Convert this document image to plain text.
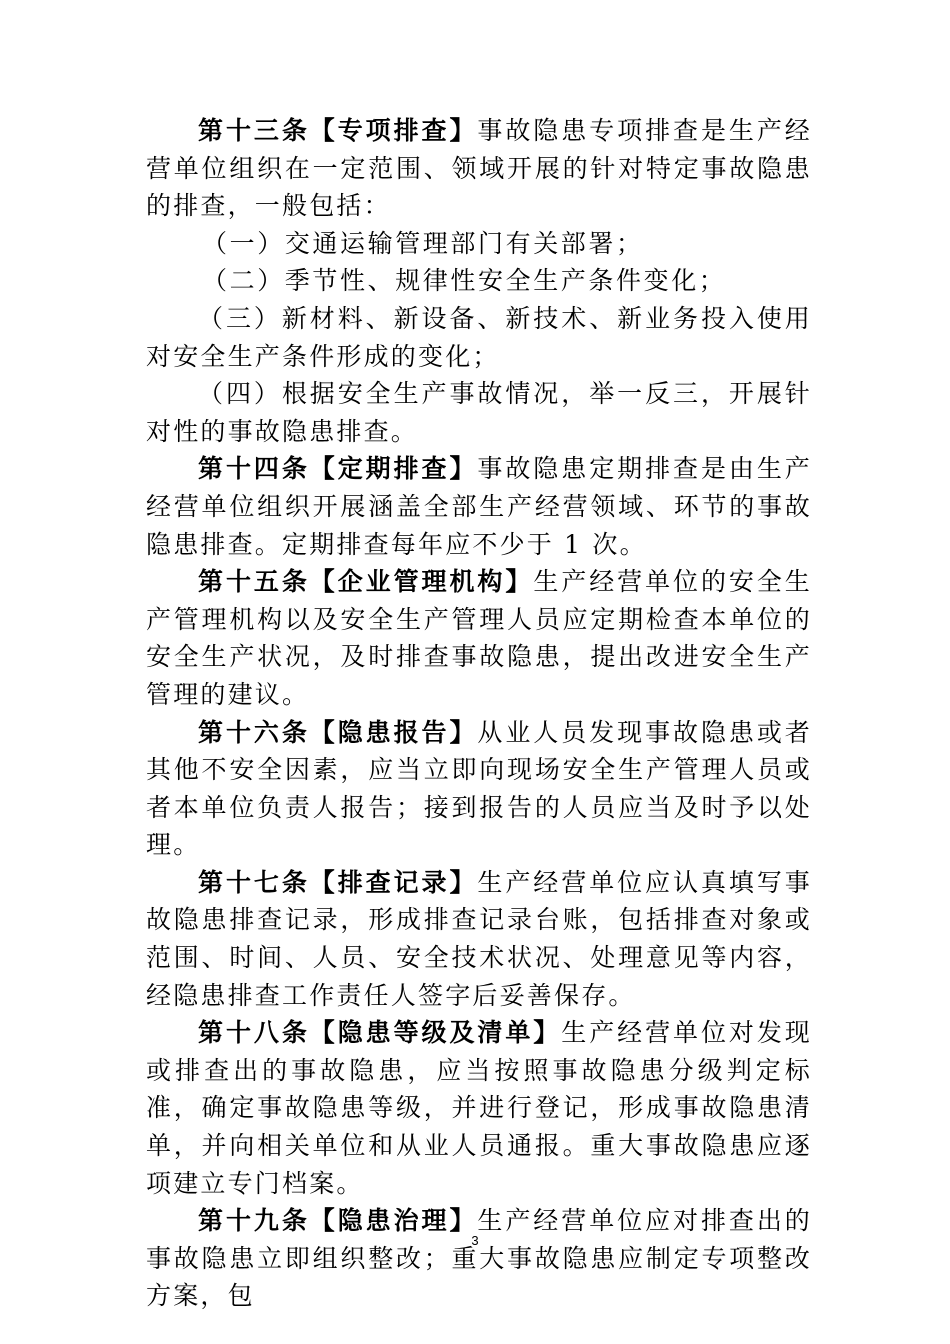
第十三条【专项排查】事故隐患专项排查是生产经营单位组织在一定范围、领域开展的针对特定事故隐患的排查，一般包括：

（一）交通运输管理部门有关部署；

（二）季节性、规律性安全生产条件变化；

（三）新材料、新设备、新技术、新业务投入使用对安全生产条件形成的变化；

（四）根据安全生产事故情况，举一反三，开展针对性的事故隐患排查。

第十四条【定期排查】事故隐患定期排查是由生产经营单位组织开展涵盖全部生产经营领域、环节的事故隐患排查。定期排查每年应不少于 1 次。

第十五条【企业管理机构】生产经营单位的安全生产管理机构以及安全生产管理人员应定期检查本单位的安全生产状况，及时排查事故隐患，提出改进安全生产管理的建议。

第十六条【隐患报告】从业人员发现事故隐患或者其他不安全因素，应当立即向现场安全生产管理人员或者本单位负责人报告；接到报告的人员应当及时予以处理。

第十七条【排查记录】生产经营单位应认真填写事故隐患排查记录，形成排查记录台账，包括排查对象或范围、时间、人员、安全技术状况、处理意见等内容，经隐患排查工作责任人签字后妥善保存。

第十八条【隐患等级及清单】生产经营单位对发现或排查出的事故隐患，应当按照事故隐患分级判定标准，确定事故隐患等级，并进行登记，形成事故隐患清单，并向相关单位和从业人员通报。重大事故隐患应逐项建立专门档案。

第十九条【隐患治理】生产经营单位应对排查出的事故隐患立即组织整改；重大事故隐患应制定专项整改方案，包

3
